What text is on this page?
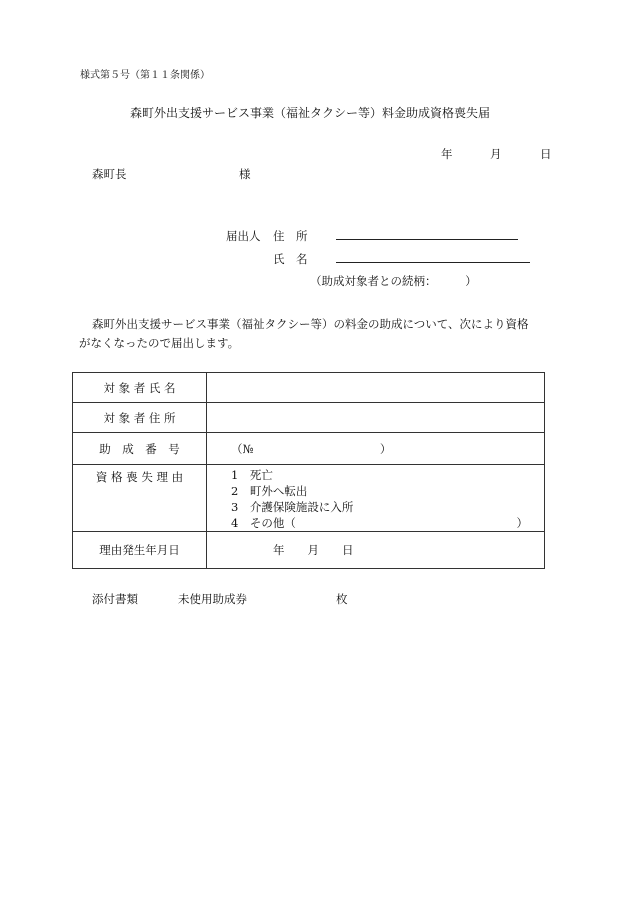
様式第５号（第１１条関係）
森町外出支援サービス事業（福祉タクシー等）料金助成資格喪失届
年	月	日
森町長	様
届出人 住　所
氏　名
（助成対象者との続柄：　　　）
森町外出支援サービス事業（福祉タクシー等）の料金の助成について、次により資格
がなくなったので届出します。
対 象 者 氏 名	
対 象 者 住 所	
助　成　番　号	（№　　　　　　　　　　　）
資 格 喪 失 理 由	1　死亡
2　町外へ転出
3　介護保険施設に入所
4　その他（ ）

理由発生年月日	年　　月　　日
添付書類	未使用助成券	枚
